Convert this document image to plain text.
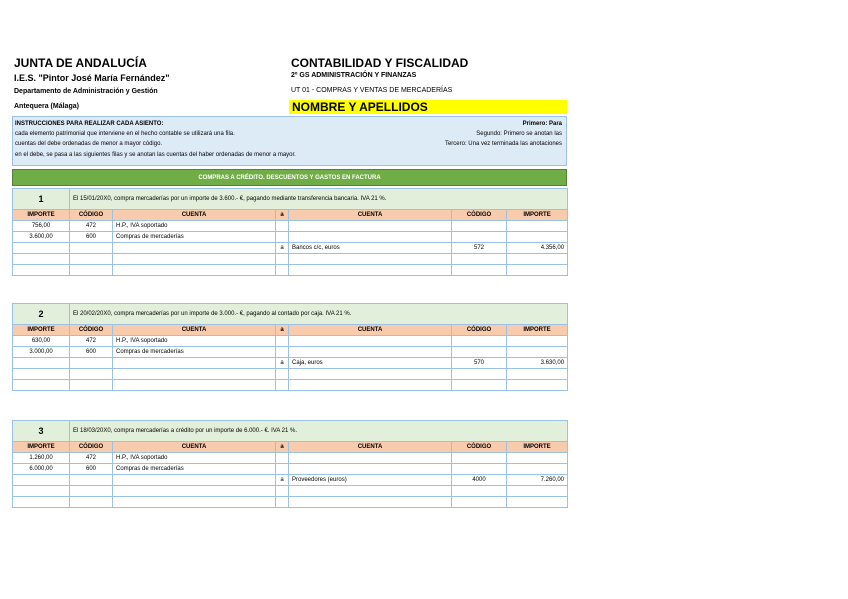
JUNTA DE ANDALUCÍA
I.E.S. "Pintor José María Fernández"
Departamento de Administración y Gestión
Antequera (Málaga)
CONTABILIDAD Y FISCALIDAD
2º GS ADMINISTRACIÓN Y FINANZAS
UT 01 - COMPRAS Y VENTAS DE MERCADERÍAS
NOMBRE Y APELLIDOS
INSTRUCCIONES PARA REALIZAR CADA ASIENTO:
cada elemento patrimonial que interviene en el hecho contable se utilizará una fila.
cuentas del debe ordenadas de menor a mayor código.
en el debe, se pasa a las siguientes filas y se anotan las cuentas del haber ordenadas de menor a mayor.
Primero: Para
Segundo: Primero se anotan las
Tercero: Una vez terminada las anotaciones
COMPRAS A CRÉDITO. DESCUENTOS Y GASTOS EN FACTURA
1	El 15/01/20X0, compra mercaderías por un importe de 3.600.- €, pagando mediante transferencia bancaria. IVA 21 %.					
IMPORTE	CÓDIGO	CUENTA	a	CUENTA	CÓDIGO	IMPORTE
756,00	472	H.P., IVA soportado				
3.600,00	600	Compras de mercaderías				
			a	Bancos c/c, euros	572	4.356,00

2	El 20/02/20X0, compra mercaderías por un importe de 3.000.- €, pagando al contado por caja. IVA 21 %.					
IMPORTE	CÓDIGO	CUENTA	a	CUENTA	CÓDIGO	IMPORTE
630,00	472	H.P., IVA soportado				
3.000,00	600	Compras de mercaderías				
			a	Caja, euros	570	3.630,00

3	El 18/03/20X0, compra mercaderías a crédito por un importe de 6.000.- €. IVA 21 %.					
IMPORTE	CÓDIGO	CUENTA	a	CUENTA	CÓDIGO	IMPORTE
1.260,00	472	H.P., IVA soportado				
6.000,00	600	Compras de mercaderías				
			a	Proveedores (euros)	4000	7.260,00
